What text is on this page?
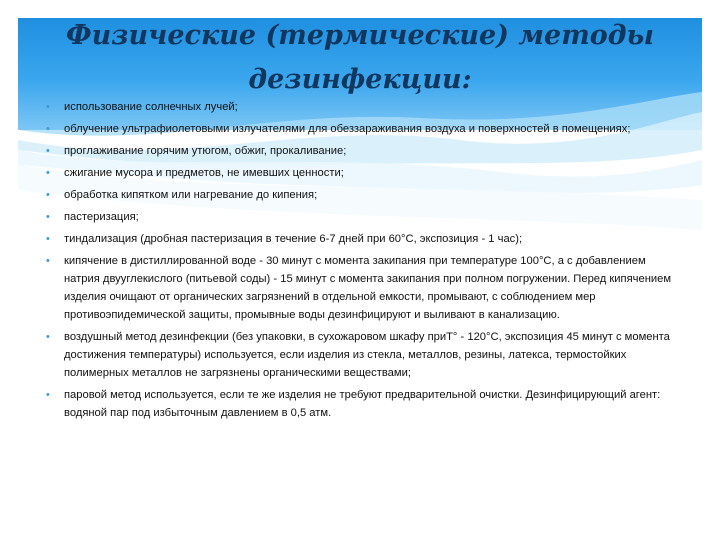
Физические (термические) методы дезинфекции:
•	использование солнечных лучей;
•	облучение ультрафиолетовыми излучателями для обеззараживания воздуха и поверхностей в помещениях;
•	проглаживание горячим утюгом, обжиг, прокаливание;
•	сжигание мусора и предметов, не имевших ценности;
•	обработка кипятком или нагревание до кипения;
•	пастеризация;
•	тиндализация (дробная пастеризация в течение 6-7 дней при 60°С, экспозиция - 1 час);
•	кипячение в дистиллированной воде - 30 минут с момента закипания при температуре 100°С, а с добавлением натрия двууглекислого (питьевой соды) - 15 минут с момента закипания при полном погружении. Перед кипячением изделия очищают от органических загрязнений в отдельной емкости, промывают, с соблюдением мер противоэпидемической защиты, промывные воды дезинфицируют и выливают в канализацию.
•	воздушный метод дезинфекции (без упаковки, в сухожаровом шкафу приТ° - 120°С, экспозиция 45 минут с момента достижения температуры) используется, если изделия из стекла, металлов, резины, латекса, термостойких полимерных металлов не загрязнены органическими веществами;
•	паровой метод используется, если те же изделия не требуют предварительной очистки. Дезинфицирующий агент: водяной пар под избыточным давлением в 0,5 атм.
